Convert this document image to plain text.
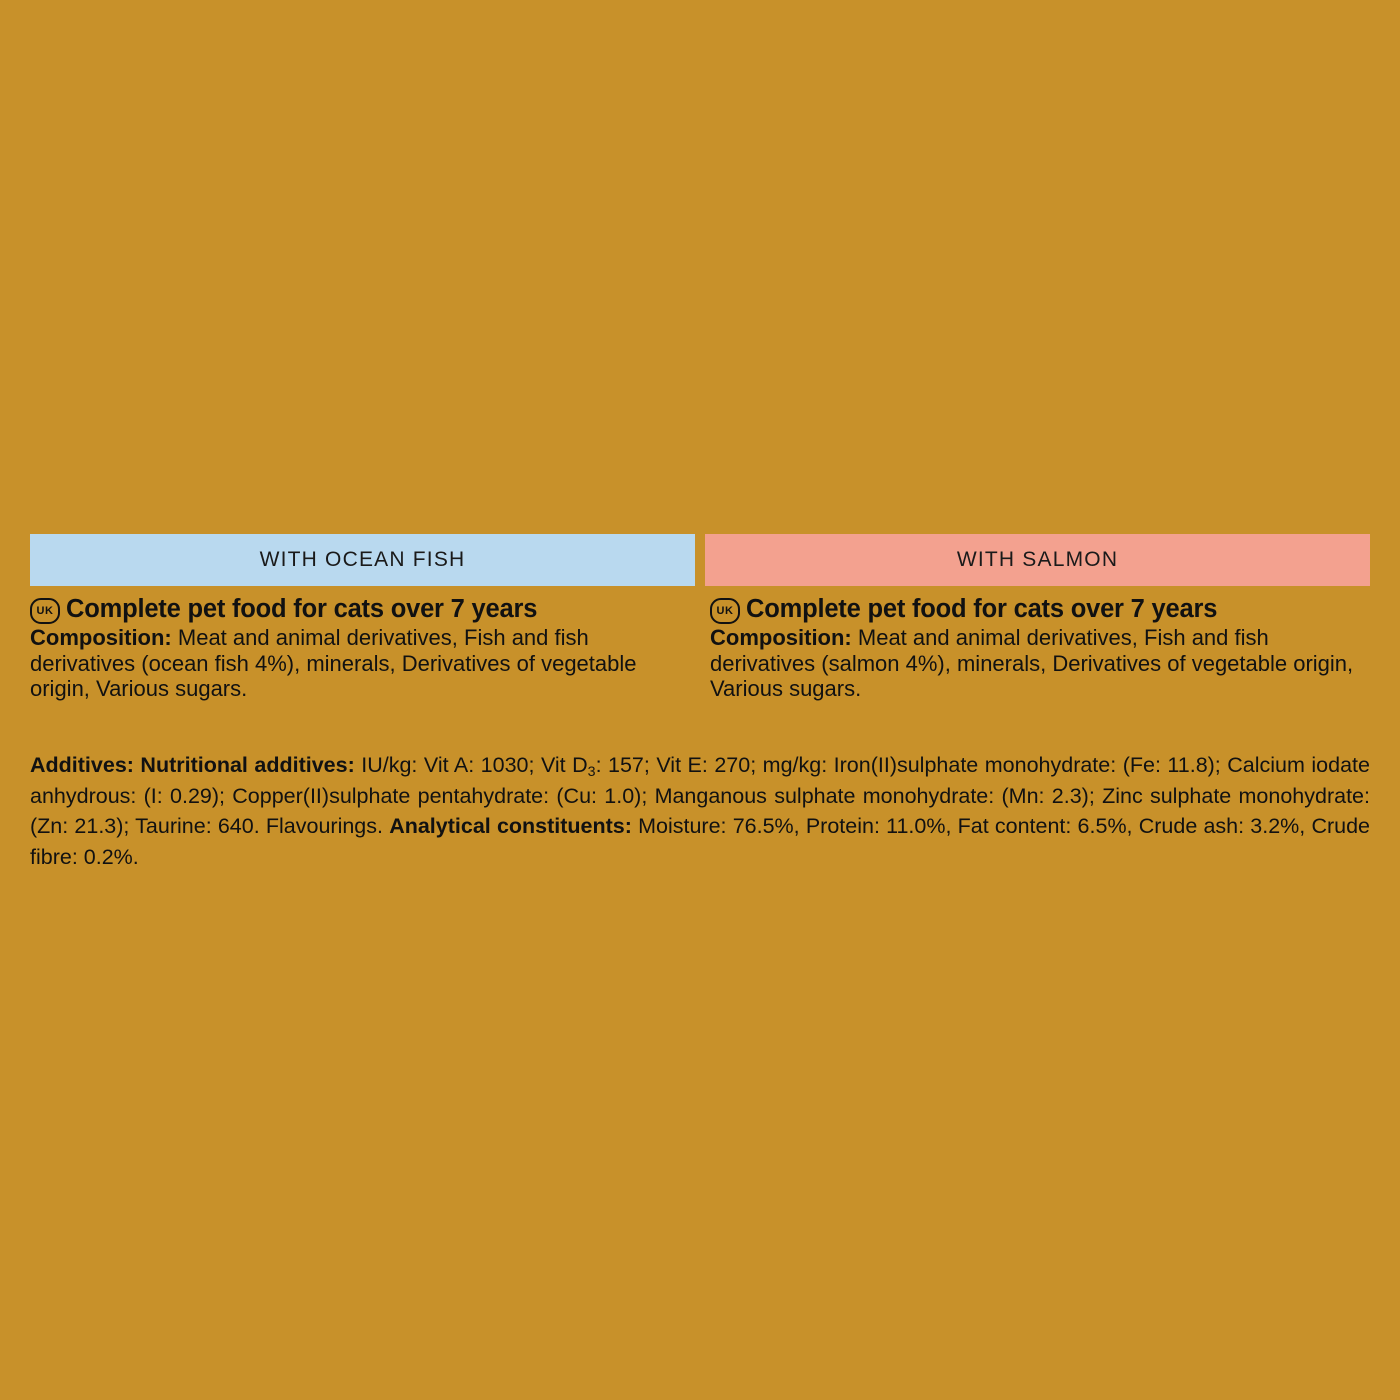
WITH OCEAN FISH	WITH SALMON
UK Complete pet food for cats over 7 years
Composition: Meat and animal derivatives, Fish and fish derivatives (ocean fish 4%), minerals, Derivatives of vegetable origin, Various sugars.
UK Complete pet food for cats over 7 years
Composition: Meat and animal derivatives, Fish and fish derivatives (salmon 4%), minerals, Derivatives of vegetable origin, Various sugars.
Additives: Nutritional additives: IU/kg: Vit A: 1030; Vit $D_3$: 157; Vit E: 270; mg/kg: Iron(II)sulphate monohydrate: (Fe: 11.8); Calcium iodate anhydrous: (I: 0.29); Copper(II)sulphate pentahydrate: (Cu: 1.0); Manganous sulphate monohydrate: (Mn: 2.3); Zinc sulphate monohydrate: (Zn: 21.3); Taurine: 640. Flavourings. Analytical constituents: Moisture: 76.5%, Protein: 11.0%, Fat content: 6.5%, Crude ash: 3.2%, Crude fibre: 0.2%.
